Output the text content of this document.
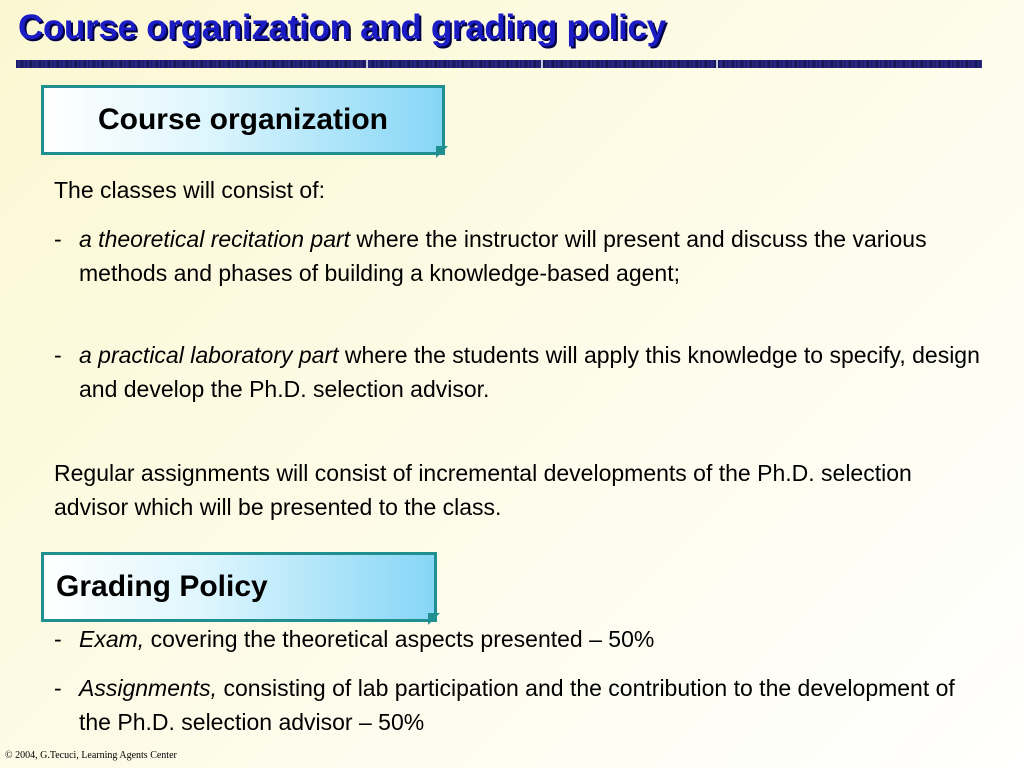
Course organization and grading policy
Course organization

The classes will consist of:

- a theoretical recitation part where the instructor will present and discuss the various methods and phases of building a knowledge-based agent;
- a practical laboratory part where the students will apply this knowledge to specify, design and develop the Ph.D. selection advisor.

Regular assignments will consist of incremental developments of the Ph.D. selection advisor which will be presented to the class.

Grading Policy
- Exam, covering the theoretical aspects presented – 50%
- Assignments, consisting of lab participation and the contribution to the development of the Ph.D. selection advisor – 50%
© 2004, G.Tecuci, Learning Agents Center
